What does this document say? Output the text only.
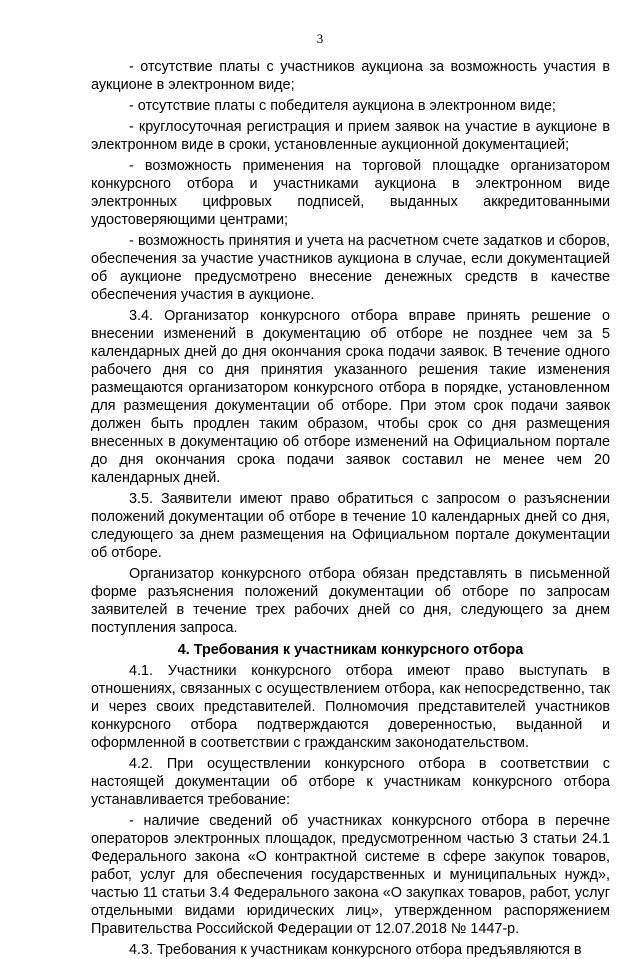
3

- отсутствие платы с участников аукциона за возможность участия в аукционе в электронном виде;

- отсутствие платы с победителя аукциона в электронном виде;

- круглосуточная регистрация и прием заявок на участие в аукционе в электронном виде в сроки, установленные аукционной документацией;

- возможность применения на торговой площадке организатором конкурсного отбора и участниками аукциона в электронном виде электронных цифровых подписей, выданных аккредитованными удостоверяющими центрами;

- возможность принятия и учета на расчетном счете задатков и сборов, обеспечения за участие участников аукциона в случае, если документацией об аукционе предусмотрено внесение денежных средств в качестве обеспечения участия в аукционе.

3.4. Организатор конкурсного отбора вправе принять решение о внесении изменений в документацию об отборе не позднее чем за 5 календарных дней до дня окончания срока подачи заявок. В течение одного рабочего дня со дня принятия указанного решения такие изменения размещаются организатором конкурсного отбора в порядке, установленном для размещения документации об отборе. При этом срок подачи заявок должен быть продлен таким образом, чтобы срок со дня размещения внесенных в документацию об отборе изменений на Официальном портале до дня окончания срока подачи заявок составил не менее чем 20 календарных дней.

3.5. Заявители имеют право обратиться с запросом о разъяснении положений документации об отборе в течение 10 календарных дней со дня, следующего за днем размещения на Официальном портале документации об отборе.

Организатор конкурсного отбора обязан представлять в письменной форме разъяснения положений документации об отборе по запросам заявителей в течение трех рабочих дней со дня, следующего за днем поступления запроса.

4. Требования к участникам конкурсного отбора

4.1. Участники конкурсного отбора имеют право выступать в отношениях, связанных с осуществлением отбора, как непосредственно, так и через своих представителей. Полномочия представителей участников конкурсного отбора подтверждаются доверенностью, выданной и оформленной в соответствии с гражданским законодательством.

4.2. При осуществлении конкурсного отбора в соответствии с настоящей документации об отборе к участникам конкурсного отбора устанавливается требование:

- наличие сведений об участниках конкурсного отбора в перечне операторов электронных площадок, предусмотренном частью 3 статьи 24.1 Федерального закона «О контрактной системе в сфере закупок товаров, работ, услуг для обеспечения государственных и муниципальных нужд», частью 11 статьи 3.4 Федерального закона «О закупках товаров, работ, услуг отдельными видами юридических лиц», утвержденном распоряжением Правительства Российской Федерации от 12.07.2018 № 1447-р.

4.3. Требования к участникам конкурсного отбора предъявляются в
